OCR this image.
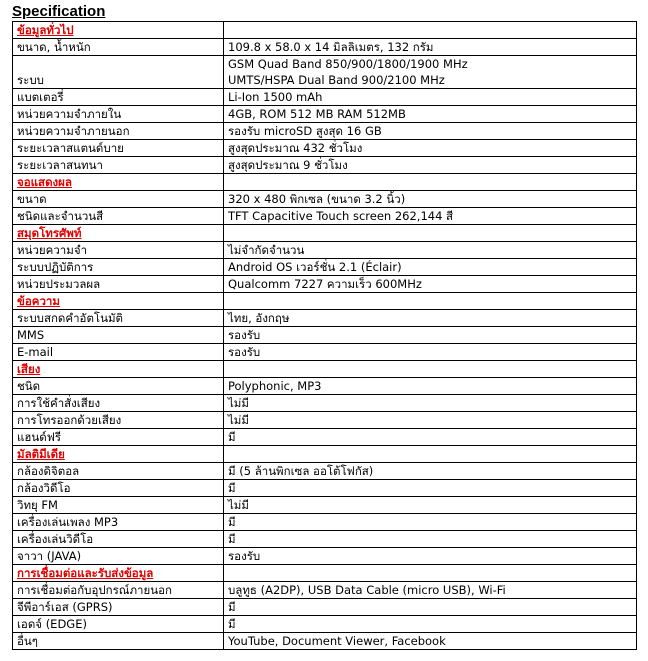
Specification
ข้อมูลทั่วไป	
ขนาด, น้ำหนัก	109.8 x 58.0 x 14 มิลลิเมตร, 132 กรัม

ระบบ	GSM Quad Band 850/900/1800/1900 MHz
UMTS/HSPA Dual Band 900/2100 MHz

แบตเตอรี่	Li-Ion 1500 mAh
หน่วยความจำภายใน	4GB, ROM 512 MB RAM 512MB
หน่วยความจำภายนอก	รองรับ microSD สูงสุด 16 GB
ระยะเวลาสแตนด์บาย	สูงสุดประมาณ 432 ชั่วโมง
ระยะเวลาสนทนา	สูงสุดประมาณ 9 ชั่วโมง
จอแสดงผล	
ขนาด	320 x 480 พิกเซล (ขนาด 3.2 นิ้ว)
ชนิดและจำนวนสี	TFT Capacitive Touch screen 262,144 สี
สมุดโทรศัพท์	
หน่วยความจำ	ไม่จำกัดจำนวน
ระบบปฏิบัติการ	Android OS เวอร์ชั่น 2.1 (Éclair)
หน่วยประมวลผล	Qualcomm 7227 ความเร็ว 600MHz
ข้อความ	
ระบบสกดคำอัตโนมัติ	ไทย, อังกฤษ
MMS	รองรับ
E-mail	รองรับ
เสียง	
ชนิด	Polyphonic, MP3
การใช้คำสั่งเสียง	ไม่มี
การโทรออกด้วยเสียง	ไม่มี
แฮนด์ฟรี	มี
มัลติมีเดีย	
กล้องดิจิตอล	มี (5 ล้านพิกเซล ออโต้โฟกัส)
กล้องวิดีโอ	มี
วิทยุ FM	ไม่มี
เครื่องเล่นเพลง MP3	มี
เครื่องเล่นวิดีโอ	มี
จาวา (JAVA)	รองรับ
การเชื่อมต่อและรับส่งข้อมูล	
การเชื่อมต่อกับอุปกรณ์ภายนอก	บลูทูธ (A2DP), USB Data Cable (micro USB), Wi-Fi
จีพีอาร์เอส (GPRS)	มี
เอดจ์ (EDGE)	มี
อื่นๆ	YouTube, Document Viewer, Facebook
